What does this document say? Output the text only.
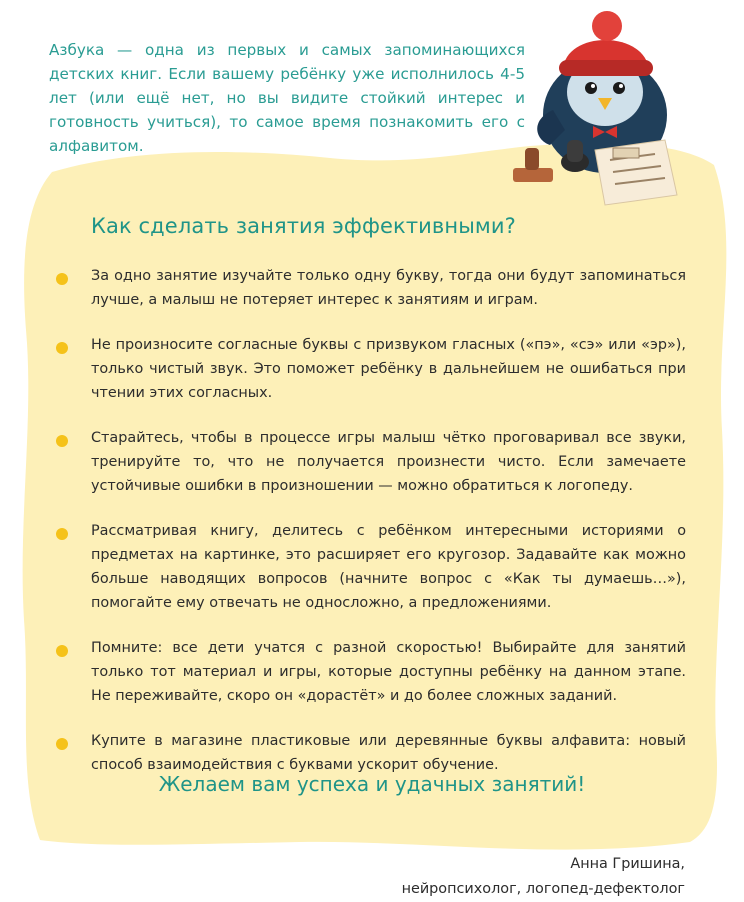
Азбука — одна из первых и самых запоминающихся детских книг. Если вашему ребёнку уже исполнилось 4-5 лет (или ещё нет, но вы видите стойкий интерес и готовность учиться), то самое время познакомить его с алфавитом.

Как сделать занятия эффективными?
За одно занятие изучайте только одну букву, тогда они будут запоминаться лучше, а малыш не потеряет интерес к занятиям и играм.
Не произносите согласные буквы с призвуком гласных («пэ», «сэ» или «эр»), только чистый звук. Это поможет ребёнку в дальнейшем не ошибаться при чтении этих согласных.
Старайтесь, чтобы в процессе игры малыш чётко проговаривал все звуки, тренируйте то, что не получается произнести чисто. Если замечаете устойчивые ошибки в произношении — можно обратиться к логопеду.
Рассматривая книгу, делитесь с ребёнком интересными историями о предметах на картинке, это расширяет его кругозор. Задавайте как можно больше наводящих вопросов (начните вопрос с «Как ты думаешь…»), помогайте ему отвечать не односложно, а предложениями.
Помните: все дети учатся с разной скоростью! Выбирайте для занятий только тот материал и игры, которые доступны ребёнку на данном этапе. Не переживайте, скоро он «дорастёт» и до более сложных заданий.
Купите в магазине пластиковые или деревянные буквы алфавита: новый способ взаимодействия с буквами ускорит обучение.

Желаем вам успеха и удачных занятий!

Анна Гришина,
нейропсихолог, логопед-дефектолог
